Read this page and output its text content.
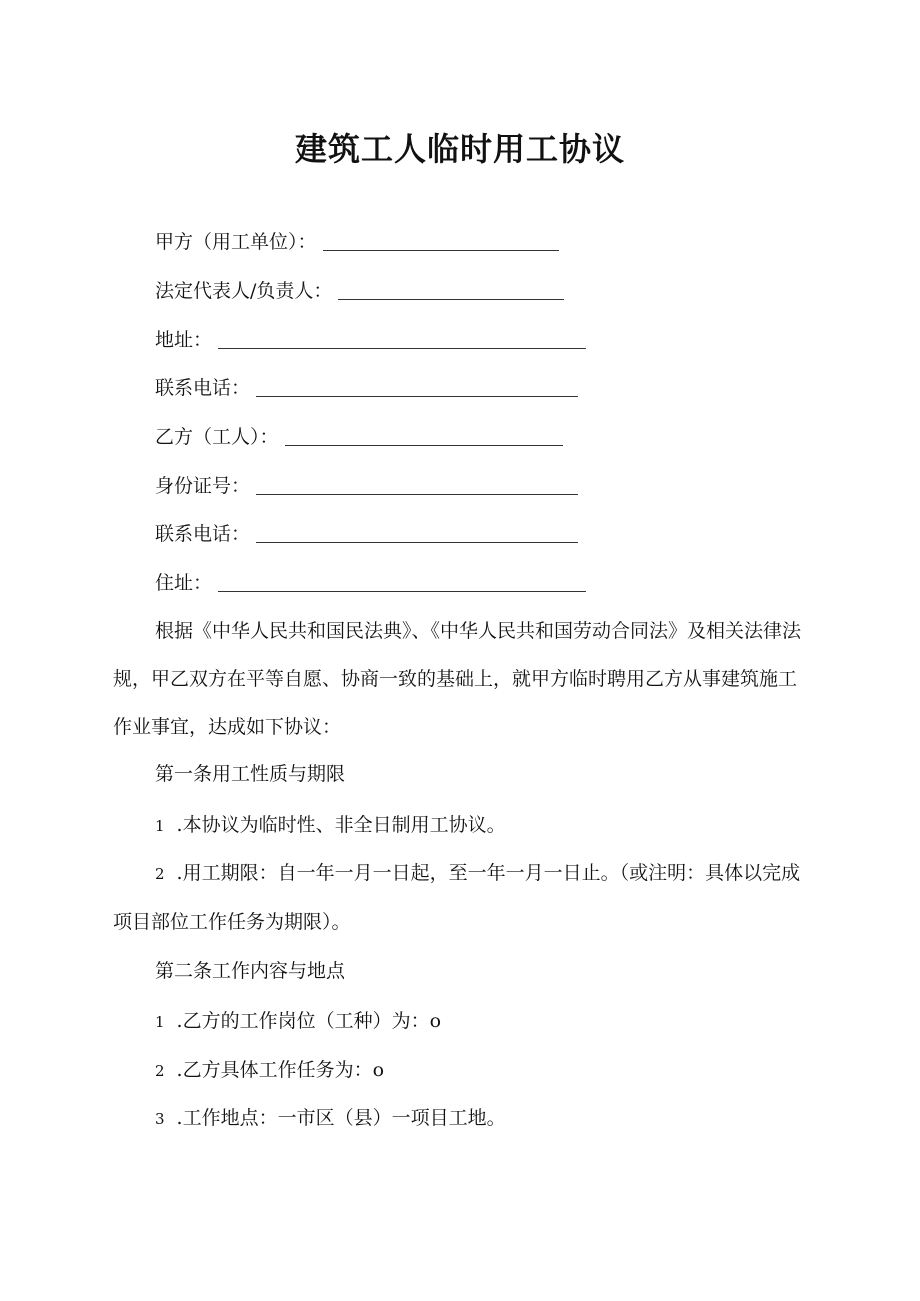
建筑工人临时用工协议
甲方（用工单位）：
法定代表人/负责人：
地址：
联系电话：
乙方（工人）：
身份证号：
联系电话：
住址：

根据《中华人民共和国民法典》、《中华人民共和国劳动合同法》及相关法律法规，甲乙双方在平等自愿、协商一致的基础上，就甲方临时聘用乙方从事建筑施工作业事宜，达成如下协议：

第一条用工性质与期限
1 .本协议为临时性、非全日制用工协议。

2 .用工期限：自一年一月一日起，至一年一月一日止。（或注明：具体以完成项目部位工作任务为期限）。

第二条工作内容与地点
1 .乙方的工作岗位（工种）为：o
2 .乙方具体工作任务为：o
3 .工作地点：一市区（县）一项目工地。
